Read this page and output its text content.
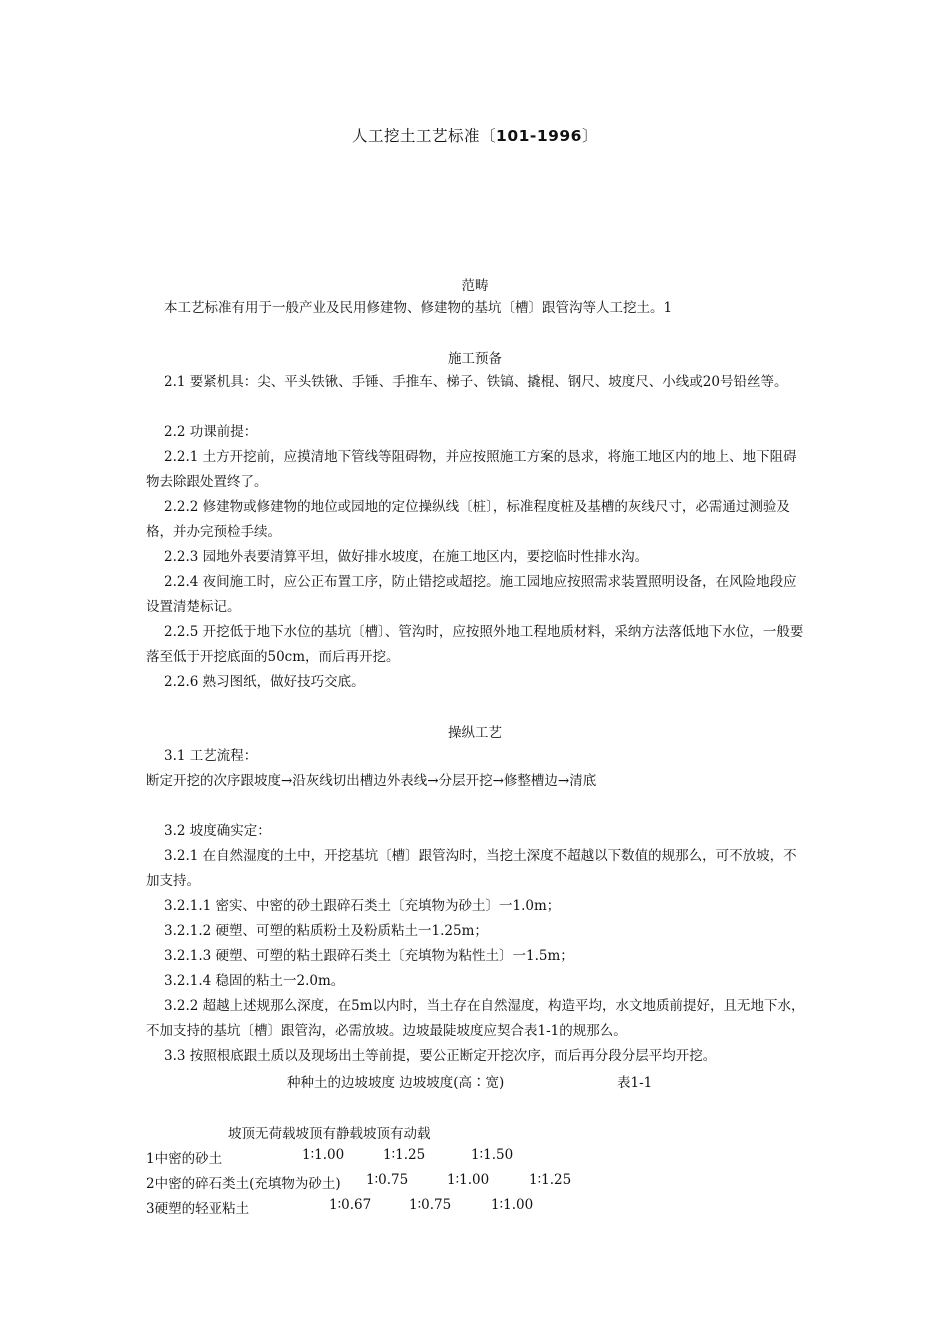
人工挖土工艺标准〔101-1996〕
范畴
本工艺标准有用于一般产业及民用修建物、修建物的基坑〔槽〕跟管沟等人工挖土。1
施工预备
2.1 要紧机具：尖、平头铁锹、手锤、手推车、梯子、铁镐、撬棍、钢尺、坡度尺、小线或20号铅丝等。
2.2 功课前提：
2.2.1 土方开挖前，应摸清地下管线等阻碍物，并应按照施工方案的恳求，将施工地区内的地上、地下阻碍物去除跟处置终了。
2.2.2 修建物或修建物的地位或园地的定位操纵线〔桩〕，标准程度桩及基槽的灰线尺寸，必需通过测验及格，并办完预检手续。
2.2.3 园地外表要清算平坦，做好排水坡度，在施工地区内，要挖临时性排水沟。
2.2.4 夜间施工时，应公正布置工序，防止错挖或超挖。施工园地应按照需求装置照明设备，在风险地段应设置清楚标记。
2.2.5 开挖低于地下水位的基坑〔槽〕、管沟时，应按照外地工程地质材料，采纳方法落低地下水位，一般要落至低于开挖底面的50cm，而后再开挖。
2.2.6 熟习图纸，做好技巧交底。
操纵工艺
3.1 工艺流程：
断定开挖的次序跟坡度→沿灰线切出槽边外表线→分层开挖→修整槽边→清底
3.2 坡度确实定：
3.2.1 在自然湿度的土中，开挖基坑〔槽〕跟管沟时，当挖土深度不超越以下数值的规那么，可不放坡，不加支持。
3.2.1.1 密实、中密的砂土跟碎石类土〔充填物为砂土〕一1.0m；
3.2.1.2 硬塑、可塑的粘质粉土及粉质粘土一1.25m；
3.2.1.3 硬塑、可塑的粘土跟碎石类土〔充填物为粘性土〕一1.5m；
3.2.1.4 稳固的粘土一2.0m。
3.2.2 超越上述规那么深度，在5m以内时，当土存在自然湿度，构造平均，水文地质前提好，且无地下水，不加支持的基坑〔槽〕跟管沟，必需放坡。边坡最陡坡度应契合表1-1的规那么。
3.3 按照根底跟土质以及现场出土等前提，要公正断定开挖次序，而后再分段分层平均开挖。
种种土的边坡坡度 边坡坡度(高∶宽)	表1-1
坡顶无荷载坡顶有静载坡顶有动载
1中密的砂土	1∶1.00	1∶1.25	1∶1.50
2中密的碎石类土(充填物为砂土) 1∶0.75	1∶1.00	1∶1.25
3硬塑的轻亚粘土	1∶0.67	1∶0.75	1∶1.00
